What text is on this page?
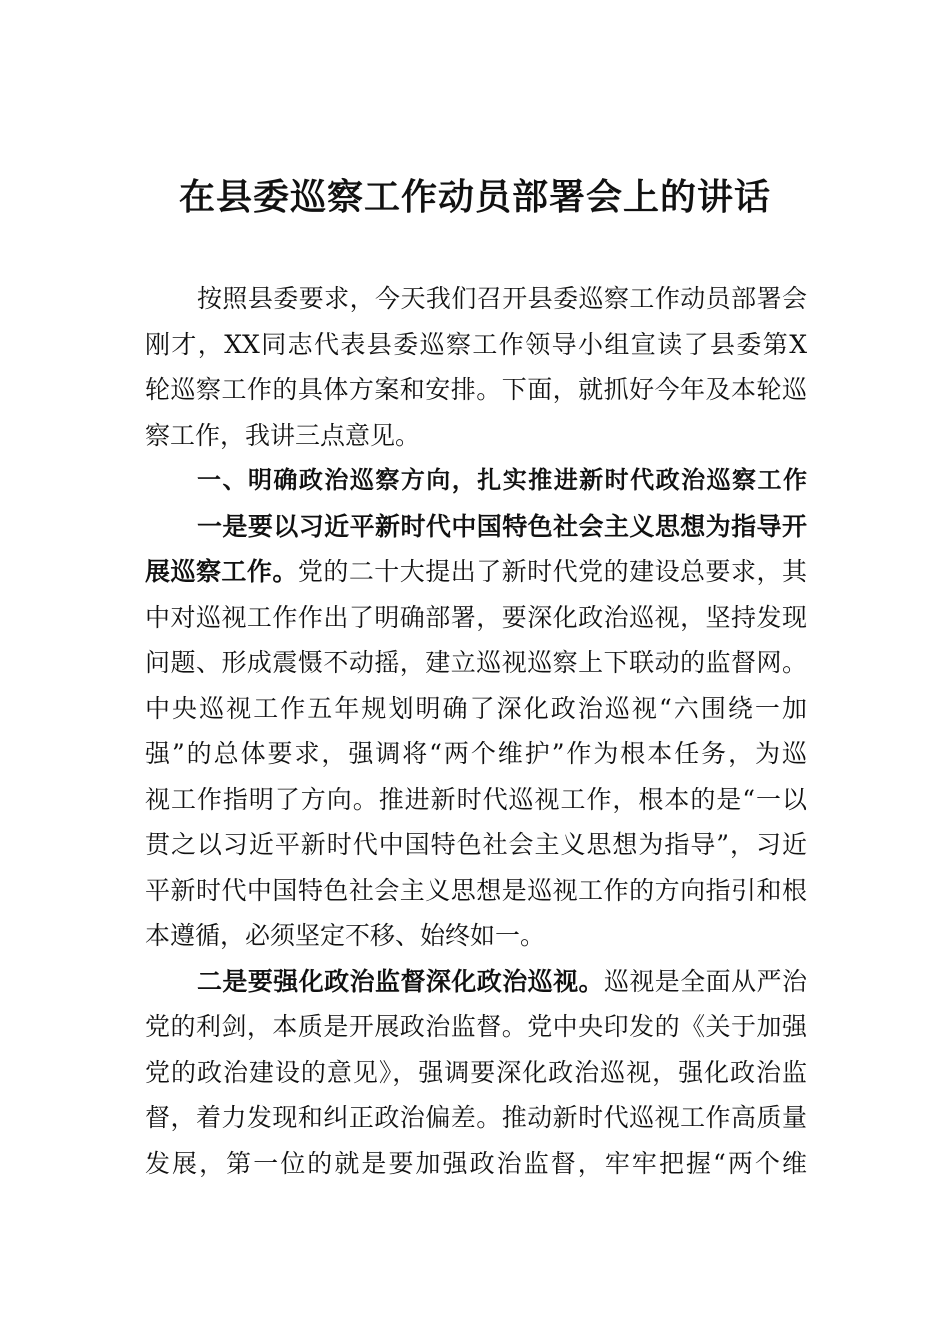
在县委巡察工作动员部署会上的讲话
按照县委要求，今天我们召开县委巡察工作动员部署会
刚才，XX同志代表县委巡察工作领导小组宣读了县委第X
轮巡察工作的具体方案和安排。下面，就抓好今年及本轮巡
察工作，我讲三点意见。
一、明确政治巡察方向，扎实推进新时代政治巡察工作
一是要以习近平新时代中国特色社会主义思想为指导开
展巡察工作。党的二十大提出了新时代党的建设总要求，其
中对巡视工作作出了明确部署，要深化政治巡视，坚持发现
问题、形成震慑不动摇，建立巡视巡察上下联动的监督网。
中央巡视工作五年规划明确了深化政治巡视“六围绕一加
强”的总体要求，强调将“两个维护”作为根本任务，为巡
视工作指明了方向。推进新时代巡视工作，根本的是“一以
贯之以习近平新时代中国特色社会主义思想为指导”，习近
平新时代中国特色社会主义思想是巡视工作的方向指引和根
本遵循，必须坚定不移、始终如一。
二是要强化政治监督深化政治巡视。巡视是全面从严治
党的利剑，本质是开展政治监督。党中央印发的《关于加强
党的政治建设的意见》，强调要深化政治巡视，强化政治监
督，着力发现和纠正政治偏差。推动新时代巡视工作高质量
发展，第一位的就是要加强政治监督，牢牢把握“两个维
